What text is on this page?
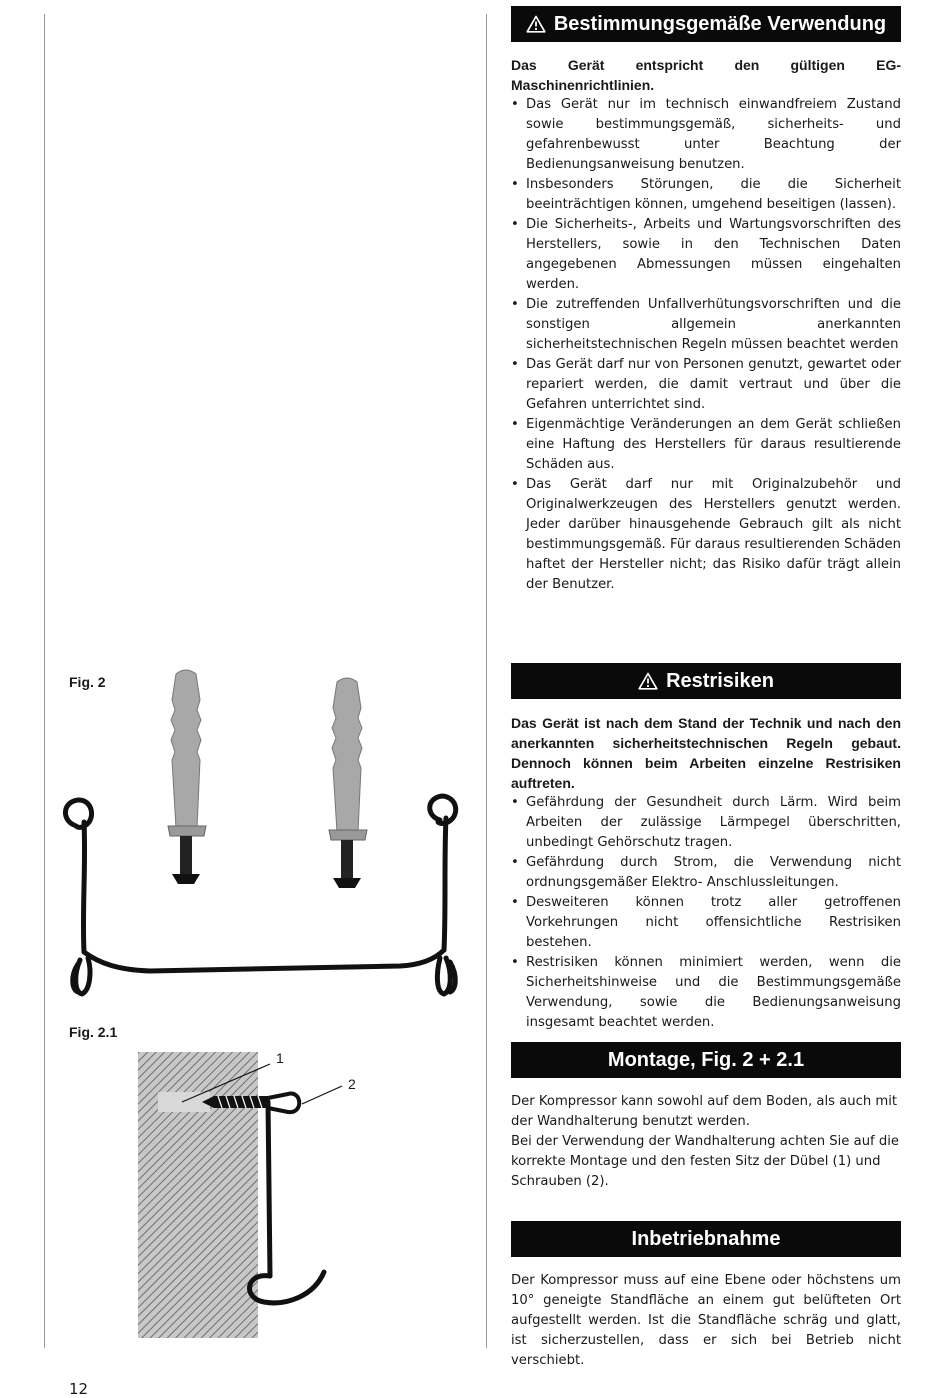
Bestimmungsgemäße Verwendung
Das Gerät entspricht den gültigen EG-Maschinenrichtlinien.
• Das Gerät nur im technisch einwandfreiem Zustand sowie bestimmungsgemäß, sicherheits- und gefahrenbewusst unter Beachtung der Bedienungsanweisung benutzen.
• Insbesonders Störungen, die die Sicherheit beeinträchtigen können, umgehend beseitigen (lassen).
• Die Sicherheits-, Arbeits und Wartungsvorschriften des Herstellers, sowie in den Technischen Daten angegebenen Abmessungen müssen eingehalten werden.
• Die zutreffenden Unfallverhütungsvorschriften und die sonstigen allgemein anerkannten sicherheitstechnischen Regeln müssen beachtet werden
• Das Gerät darf nur von Personen genutzt, gewartet oder repariert werden, die damit vertraut und über die Gefahren unterrichtet sind.
• Eigenmächtige Veränderungen an dem Gerät schließen eine Haftung des Herstellers für daraus resultierende Schäden aus.
• Das Gerät darf nur mit Originalzubehör und Originalwerkzeugen des Herstellers genutzt werden. Jeder darüber hinausgehende Gebrauch gilt als nicht bestimmungsgemäß. Für daraus resultierenden Schäden haftet der Hersteller nicht; das Risiko dafür trägt allein der Benutzer.
Fig. 2	Restrisiken
Das Gerät ist nach dem Stand der Technik und nach den anerkannten sicherheitstechnischen Regeln gebaut. Dennoch können beim Arbeiten einzelne Restrisiken auftreten.
• Gefährdung der Gesundheit durch Lärm. Wird beim Arbeiten der zulässige Lärmpegel überschritten, unbedingt Gehörschutz tragen.
• Gefährdung durch Strom, die Verwendung nicht ordnungsgemäßer Elektro- Anschlussleitungen.
• Desweiteren können trotz aller getroffenen Vorkehrungen nicht offensichtliche Restrisiken bestehen.
• Restrisiken können minimiert werden, wenn die Sicherheitshinweise und die Bestimmungsgemäße Verwendung, sowie die Bedienungsanweisung insgesamt beachtet werden.
Fig. 2.1
1
2
Montage, Fig. 2 + 2.1
Der Kompressor kann sowohl auf dem Boden, als auch mit der Wandhalterung benutzt werden.
Bei der Verwendung der Wandhalterung achten Sie auf die korrekte Montage und den festen Sitz der Dübel (1) und Schrauben (2).
Inbetriebnahme
Der Kompressor muss auf eine Ebene oder höchstens um 10° geneigte Standfläche an einem gut belüfteten Ort aufgestellt werden. Ist die Standfläche schräg und glatt, ist sicherzustellen, dass er sich bei Betrieb nicht verschiebt.
12
